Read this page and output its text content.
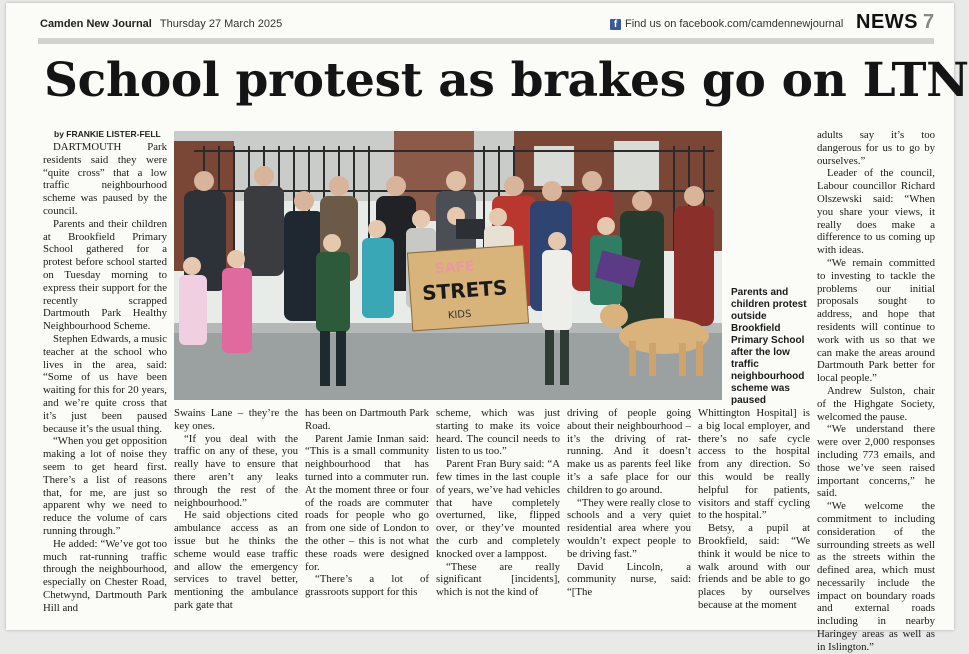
Camden New Journal Thursday 27 March 2025	f Find us on facebook.com/camdennewjournal NEWS 7
School protest as brakes go on LTN
by FRANKIE LISTER-FELL

DARTMOUTH Park residents said they were “quite cross” that a low traffic neighbourhood scheme was paused by the council.

Parents and their children at Brookfield Primary School gathered for a protest before school started on Tuesday morning to express their support for the recently scrapped Dartmouth Park Healthy Neighbourhood Scheme.

Stephen Edwards, a music teacher at the school who lives in the area, said: “Some of us have been waiting for this for 20 years, and we’re quite cross that it’s just been paused because it’s the usual thing.

“When you get opposition making a lot of noise they seem to get heard first. There’s a list of reasons that, for me, are just so apparent why we need to reduce the volume of cars running through.”

He added: “We’ve got too much rat-running traffic through the neighbourhood, especially on Chester Road, Chetwynd, Dartmouth Park Hill and

SAFE
STRETS
KIDS
Parents and children protest outside Brookfield Primary School after the low traffic neighbourhood scheme was paused

Swains Lane – they’re the key ones.

“If you deal with the traffic on any of these, you really have to ensure that there aren’t any leaks through the rest of the neighbourhood.”

He said objections cited ambulance access as an issue but he thinks the scheme would ease traffic and allow the emergency services to travel better, mentioning the ambulance park gate that

has been on Dartmouth Park Road.

Parent Jamie Inman said: “This is a small community neighbourhood that has turned into a commuter run. At the moment three or four of the roads are commuter roads for people who go from one side of London to the other – this is not what these roads were designed for.

“There’s a lot of grassroots support for this

scheme, which was just starting to make its voice heard. The council needs to listen to us too.”

Parent Fran Bury said: “A few times in the last couple of years, we’ve had vehicles that have completely overturned, like, flipped over, or they’ve mounted the curb and completely knocked over a lamppost.

“These are really significant [incidents], which is not the kind of

driving of people going about their neighbourhood – it’s the driving of rat-running. And it doesn’t make us as parents feel like it’s a safe place for our children to go around.

“They were really close to schools and a very quiet residential area where you wouldn’t expect people to be driving fast.”

David Lincoln, a community nurse, said: “[The

Whittington Hospital] is a big local employer, and there’s no safe cycle access to the hospital from any direction. So this would be really helpful for patients, visitors and staff cycling to the hospital.”

Betsy, a pupil at Brookfield, said: “We think it would be nice to walk around with our friends and be able to go places by ourselves because at the moment

adults say it’s too dangerous for us to go by ourselves.”

Leader of the council, Labour councillor Richard Olszewski said: “When you share your views, it really does make a difference to us coming up with ideas.

“We remain committed to investing to tackle the problems our initial proposals sought to address, and hope that residents will continue to work with us so that we can make the areas around Dartmouth Park better for local people.”

Andrew Sulston, chair of the Highgate Society, welcomed the pause.

“We understand there were over 2,000 responses including 773 emails, and those we’ve seen raised important concerns,” he said.

“We welcome the commitment to including consideration of the surrounding streets as well as the streets within the defined area, which must necessarily include the impact on boundary roads and external roads including in nearby Haringey areas as well as in Islington.”
